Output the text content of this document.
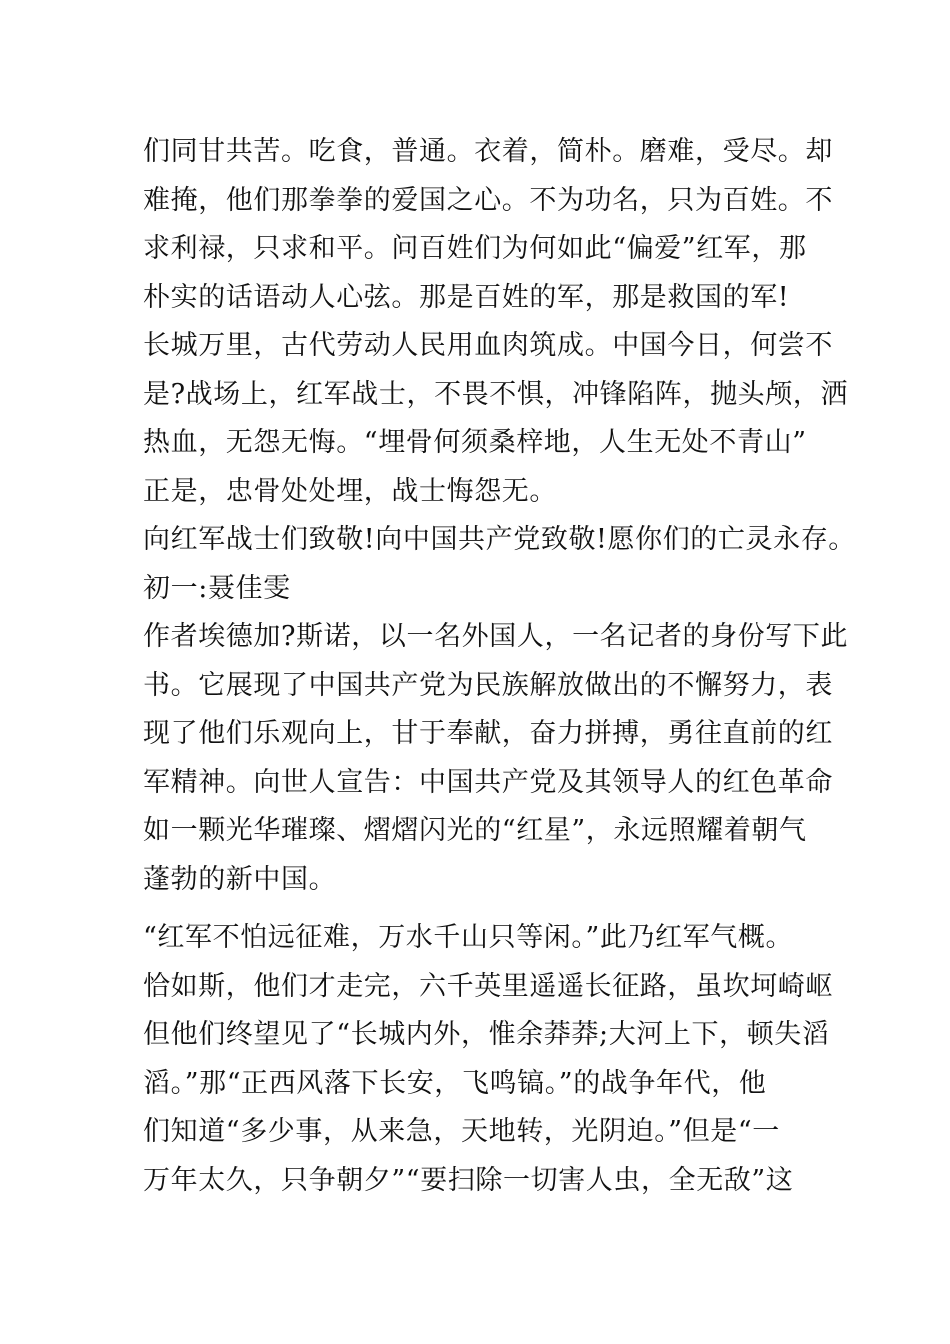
们同甘共苦。吃食，普通。衣着，简朴。磨难，受尽。却
难掩，他们那拳拳的爱国之心。不为功名，只为百姓。不
求利禄，只求和平。问百姓们为何如此“偏爱”红军，那
朴实的话语动人心弦。那是百姓的军，那是救国的军!
长城万里，古代劳动人民用血肉筑成。中国今日，何尝不
是?战场上，红军战士，不畏不惧，冲锋陷阵，抛头颅，洒
热血，无怨无悔。“埋骨何须桑梓地，人生无处不青山”
正是，忠骨处处埋，战士悔怨无。
向红军战士们致敬!向中国共产党致敬!愿你们的亡灵永存。
初一:聂佳雯
作者埃德加?斯诺，以一名外国人，一名记者的身份写下此
书。它展现了中国共产党为民族解放做出的不懈努力，表
现了他们乐观向上，甘于奉献，奋力拼搏，勇往直前的红
军精神。向世人宣告：中国共产党及其领导人的红色革命
如一颗光华璀璨、熠熠闪光的“红星”，永远照耀着朝气
蓬勃的新中国。
“红军不怕远征难，万水千山只等闲。”此乃红军气概。
恰如斯，他们才走完，六千英里遥遥长征路，虽坎坷崎岖
但他们终望见了“长城内外，惟余莽莽;大河上下，顿失滔
滔。”那“正西风落下长安，飞鸣镐。”的战争年代，他
们知道“多少事，从来急，天地转，光阴迫。”但是“一
万年太久，只争朝夕”“要扫除一切害人虫，全无敌”这
